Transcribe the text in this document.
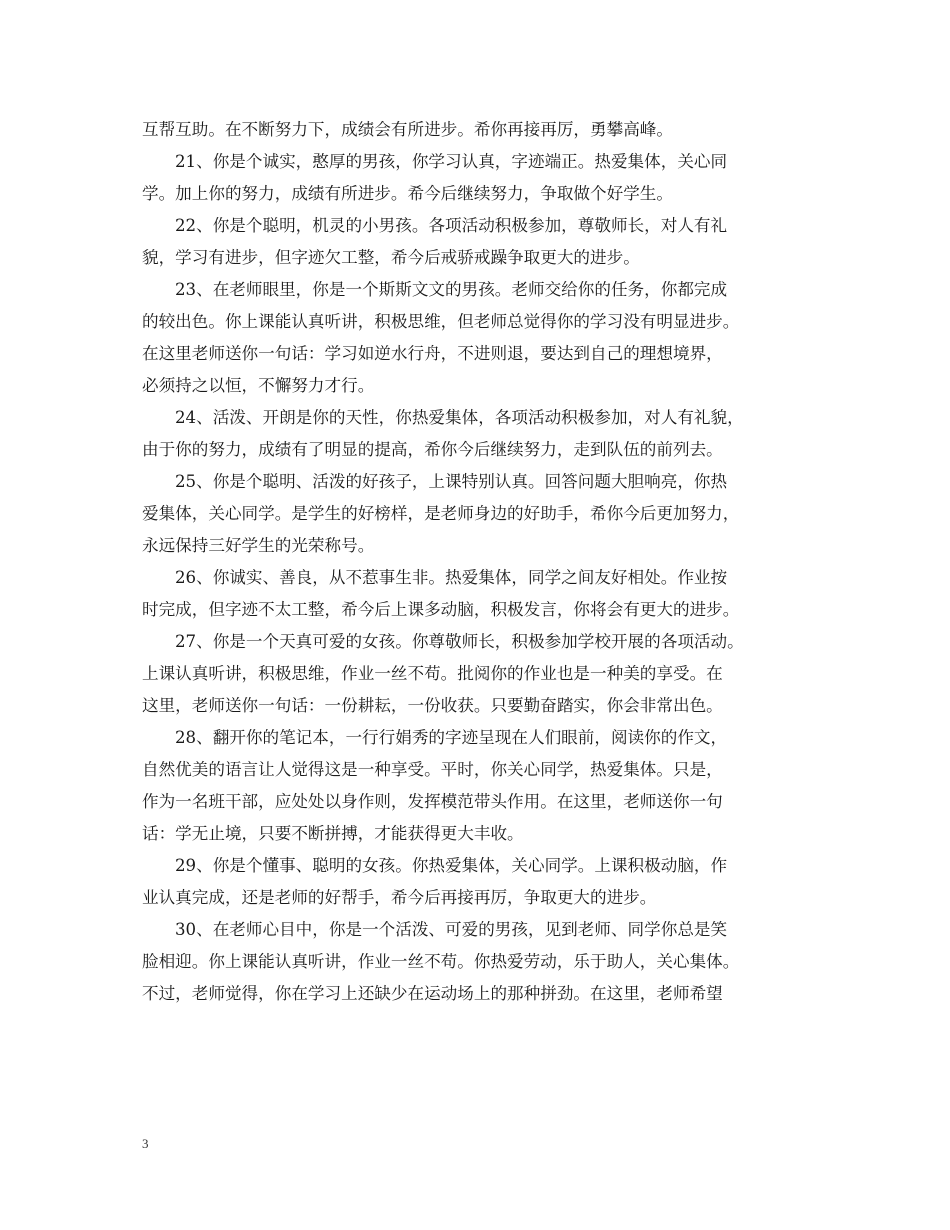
互帮互助。在不断努力下，成绩会有所进步。希你再接再厉，勇攀高峰。
21、你是个诚实，憨厚的男孩，你学习认真，字迹端正。热爱集体，关心同
学。加上你的努力，成绩有所进步。希今后继续努力，争取做个好学生。
22、你是个聪明，机灵的小男孩。各项活动积极参加，尊敬师长，对人有礼
貌，学习有进步，但字迹欠工整，希今后戒骄戒躁争取更大的进步。
23、在老师眼里，你是一个斯斯文文的男孩。老师交给你的任务，你都完成
的较出色。你上课能认真听讲，积极思维，但老师总觉得你的学习没有明显进步。
在这里老师送你一句话：学习如逆水行舟，不进则退，要达到自己的理想境界，
必须持之以恒，不懈努力才行。
24、活泼、开朗是你的天性，你热爱集体，各项活动积极参加，对人有礼貌，
由于你的努力，成绩有了明显的提高，希你今后继续努力，走到队伍的前列去。
25、你是个聪明、活泼的好孩子，上课特别认真。回答问题大胆响亮，你热
爱集体，关心同学。是学生的好榜样，是老师身边的好助手，希你今后更加努力，
永远保持三好学生的光荣称号。
26、你诚实、善良，从不惹事生非。热爱集体，同学之间友好相处。作业按
时完成，但字迹不太工整，希今后上课多动脑，积极发言，你将会有更大的进步。
27、你是一个天真可爱的女孩。你尊敬师长，积极参加学校开展的各项活动。
上课认真听讲，积极思维，作业一丝不苟。批阅你的作业也是一种美的享受。在
这里，老师送你一句话：一份耕耘，一份收获。只要勤奋踏实，你会非常出色。
28、翻开你的笔记本，一行行娟秀的字迹呈现在人们眼前，阅读你的作文，
自然优美的语言让人觉得这是一种享受。平时，你关心同学，热爱集体。只是，
作为一名班干部，应处处以身作则，发挥模范带头作用。在这里，老师送你一句
话：学无止境，只要不断拼搏，才能获得更大丰收。
29、你是个懂事、聪明的女孩。你热爱集体，关心同学。上课积极动脑，作
业认真完成，还是老师的好帮手，希今后再接再厉，争取更大的进步。
30、在老师心目中，你是一个活泼、可爱的男孩，见到老师、同学你总是笑
脸相迎。你上课能认真听讲，作业一丝不苟。你热爱劳动，乐于助人，关心集体。
不过，老师觉得，你在学习上还缺少在运动场上的那种拼劲。在这里，老师希望
3
